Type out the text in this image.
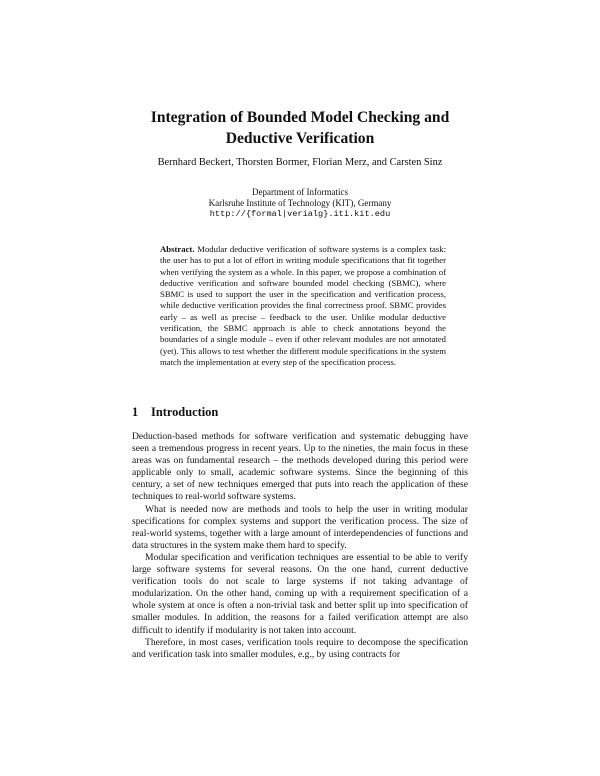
Integration of Bounded Model Checking and
Deductive Verification
Bernhard Beckert, Thorsten Bormer, Florian Merz, and Carsten Sinz
Department of Informatics
Karlsruhe Institute of Technology (KIT), Germany
http://{formal|verialg}.iti.kit.edu
Abstract. Modular deductive verification of software systems is a complex task: the user has to put a lot of effort in writing module specifications that fit together when verifying the system as a whole. In this paper, we propose a combination of deductive verification and software bounded model checking (SBMC), where SBMC is used to support the user in the specification and verification process, while deductive verification provides the final correctness proof. SBMC provides early – as well as precise – feedback to the user. Unlike modular deductive verification, the SBMC approach is able to check annotations beyond the boundaries of a single module – even if other relevant modules are not annotated (yet). This allows to test whether the different module specifications in the system match the implementation at every step of the specification process.
1 Introduction

Deduction-based methods for software verification and systematic debugging have seen a tremendous progress in recent years. Up to the nineties, the main focus in these areas was on fundamental research – the methods developed during this period were applicable only to small, academic software systems. Since the beginning of this century, a set of new techniques emerged that puts into reach the application of these techniques to real-world software systems.

What is needed now are methods and tools to help the user in writing modular specifications for complex systems and support the verification process. The size of real-world systems, together with a large amount of interdependencies of functions and data structures in the system make them hard to specify.

Modular specification and verification techniques are essential to be able to verify large software systems for several reasons. On the one hand, current deductive verification tools do not scale to large systems if not taking advantage of modularization. On the other hand, coming up with a requirement specification of a whole system at once is often a non-trivial task and better split up into specification of smaller modules. In addition, the reasons for a failed verification attempt are also difficult to identify if modularity is not taken into account.

Therefore, in most cases, verification tools require to decompose the specification and verification task into smaller modules, e.g., by using contracts for
